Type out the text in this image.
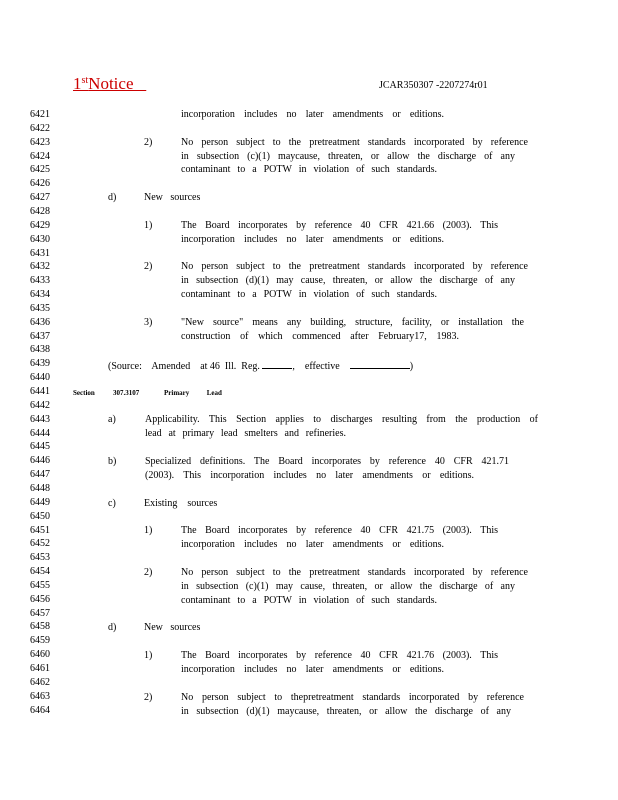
1stNotice	JCAR350307 -2207274r01
6421
6422
6423
6424
6425
6426
6427
6428
6429
6430
6431
6432
6433
6434
6435
6436
6437
6438
6439
6440
6441
6442
6443
6444
6445
6446
6447
6448
6449
6450
6451
6452
6453
6454
6455
6456
6457
6458
6459
6460
6461
6462
6463
6464
incorporation includes no later amendments or editions.
2)	No person subject to the pretreatment standards incorporated by reference
in subsection (c)(1) maycause, threaten, or allow the discharge of any
contaminant to a POTW in violation of such standards.
d)	New   sources
1)	The Board incorporates by reference 40 CFR 421.66 (2003). This
incorporation includes no later amendments or editions.
2)	No person subject to the pretreatment standards incorporated by reference
in subsection (d)(1) may cause, threaten, or allow the discharge of any
contaminant to a POTW in violation of such standards.
3)	"New source" means any building, structure, facility, or installation the
construction of which commenced after February17, 1983.
(Source:    Amended    at 46  Ill.  Reg.	,    effective	)
Section	307.3107	Primary          Lead
a)	Applicability. This Section applies to discharges resulting from the production of
lead at primary lead smelters and refineries.
b)	Specialized definitions. The Board incorporates by reference 40 CFR 421.71
(2003). This incorporation includes no later amendments or editions.
c)	Existing    sources
1)	The Board incorporates by reference 40 CFR 421.75 (2003). This
incorporation includes no later amendments or editions.
2)	No person subject to the pretreatment standards incorporated by reference
in subsection (c)(1) may cause, threaten, or allow the discharge of any
contaminant to a POTW in violation of such standards.
d)	New   sources
1)	The Board incorporates by reference 40 CFR 421.76 (2003). This
incorporation includes no later amendments or editions.
2)	No person subject to thepretreatment standards incorporated by reference
in subsection (d)(1) maycause, threaten, or allow the discharge of any
